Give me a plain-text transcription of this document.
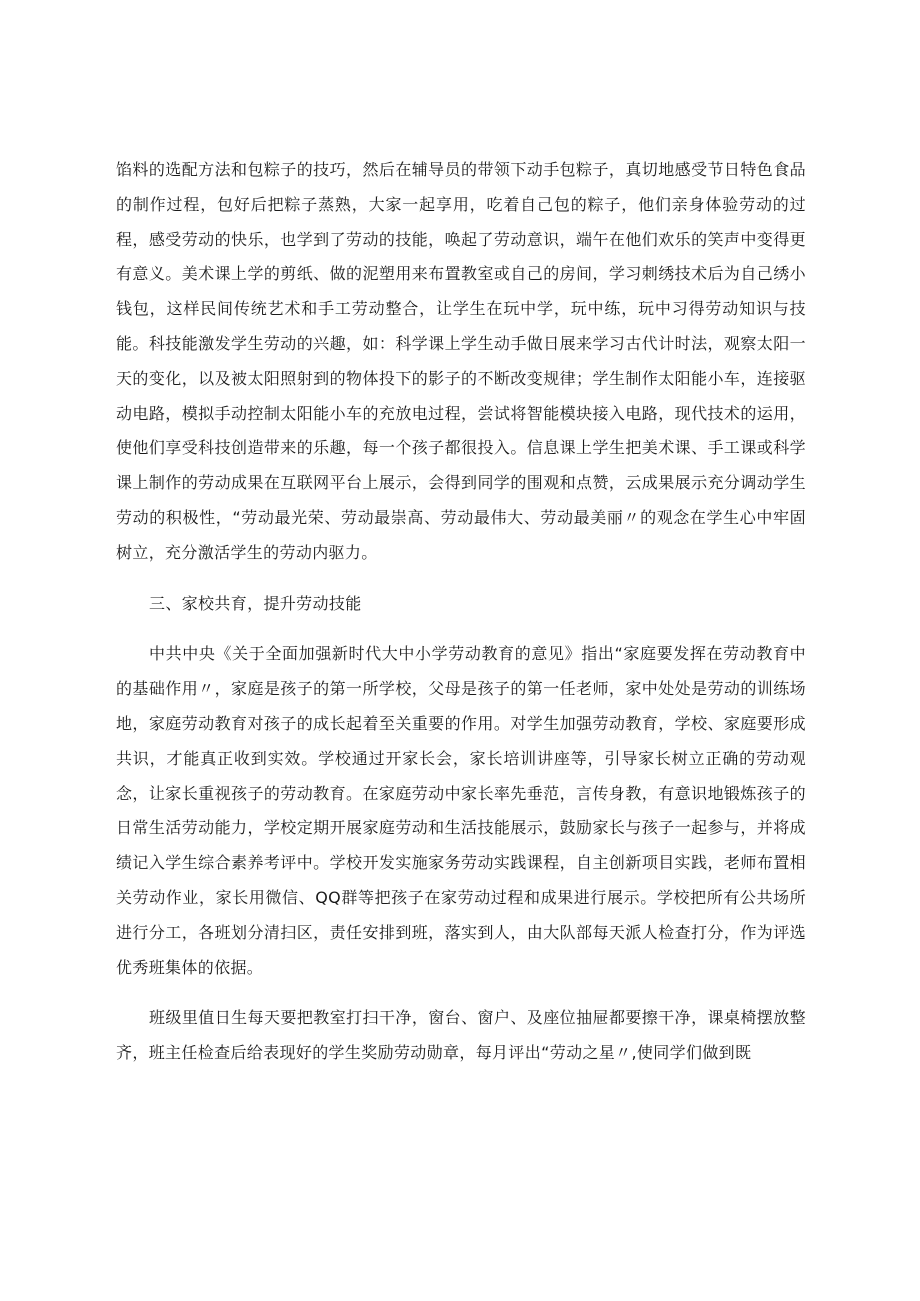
馅料的选配方法和包粽子的技巧，然后在辅导员的带领下动手包粽子，真切地感受节日特色食品的制作过程，包好后把粽子蒸熟，大家一起享用，吃着自己包的粽子，他们亲身体验劳动的过程，感受劳动的快乐，也学到了劳动的技能，唤起了劳动意识，端午在他们欢乐的笑声中变得更有意义。美术课上学的剪纸、做的泥塑用来布置教室或自己的房间，学习刺绣技术后为自己绣小钱包，这样民间传统艺术和手工劳动整合，让学生在玩中学，玩中练，玩中习得劳动知识与技能。科技能激发学生劳动的兴趣，如：科学课上学生动手做日展来学习古代计时法，观察太阳一天的变化，以及被太阳照射到的物体投下的影子的不断改变规律；学生制作太阳能小车，连接驱动电路，模拟手动控制太阳能小车的充放电过程，尝试将智能模块接入电路，现代技术的运用，使他们享受科技创造带来的乐趣，每一个孩子都很投入。信息课上学生把美术课、手工课或科学课上制作的劳动成果在互联网平台上展示，会得到同学的围观和点赞，云成果展示充分调动学生劳动的积极性，“劳动最光荣、劳动最崇高、劳动最伟大、劳动最美丽〃的观念在学生心中牢固树立，充分激活学生的劳动内驱力。

三、家校共育，提升劳动技能

中共中央《关于全面加强新时代大中小学劳动教育的意见》指出“家庭要发挥在劳动教育中的基础作用〃，家庭是孩子的第一所学校，父母是孩子的第一任老师，家中处处是劳动的训练场地，家庭劳动教育对孩子的成长起着至关重要的作用。对学生加强劳动教育，学校、家庭要形成共识，才能真正收到实效。学校通过开家长会，家长培训讲座等，引导家长树立正确的劳动观念，让家长重视孩子的劳动教育。在家庭劳动中家长率先垂范，言传身教，有意识地锻炼孩子的日常生活劳动能力，学校定期开展家庭劳动和生活技能展示，鼓励家长与孩子一起参与，并将成绩记入学生综合素养考评中。学校开发实施家务劳动实践课程，自主创新项目实践，老师布置相关劳动作业，家长用微信、QQ群等把孩子在家劳动过程和成果进行展示。学校把所有公共场所进行分工，各班划分清扫区，责任安排到班，落实到人，由大队部每天派人检查打分，作为评选优秀班集体的依据。

班级里值日生每天要把教室打扫干净，窗台、窗户、及座位抽屉都要擦干净，课桌椅摆放整齐，班主任检查后给表现好的学生奖励劳动勋章，每月评出“劳动之星〃,使同学们做到既
